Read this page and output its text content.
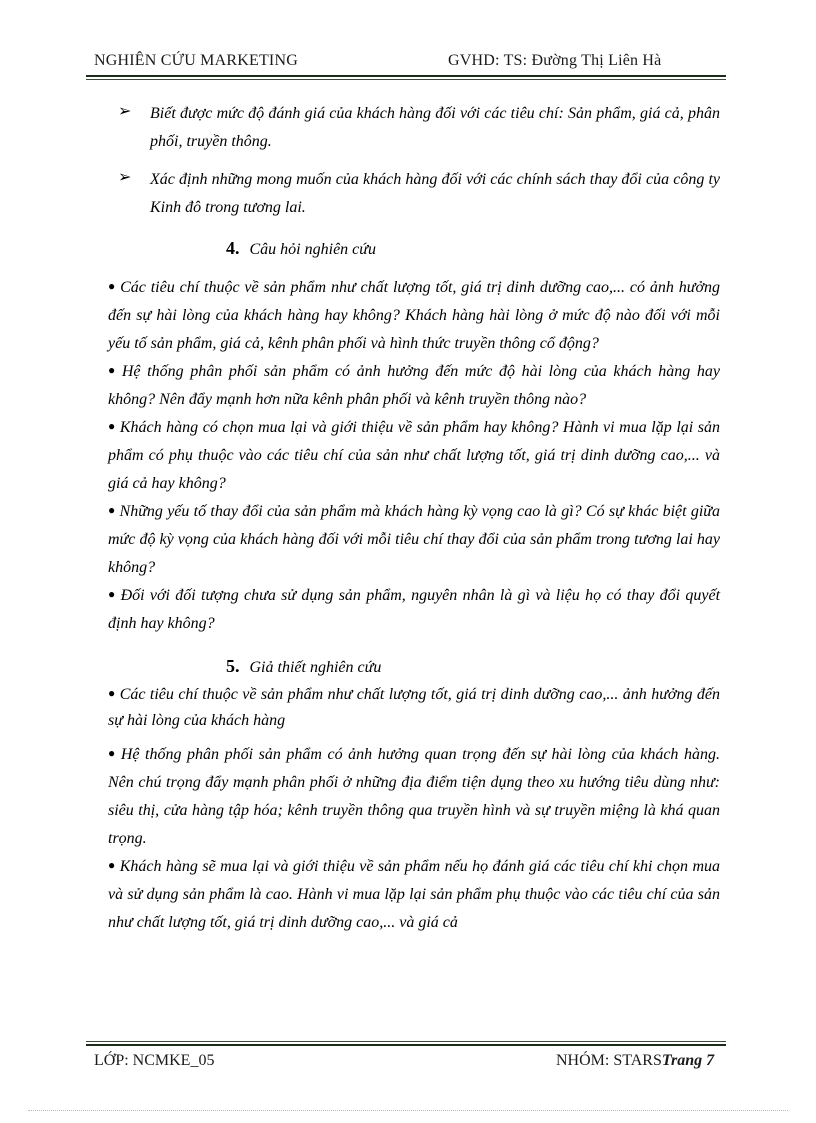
NGHIÊN CỨU MARKETING	GVHD: TS: Đường Thị Liên Hà
➢ Biết được mức độ đánh giá của khách hàng đối với các tiêu chí: Sản phẩm, giá cả, phân phối, truyền thông.

➢ Xác định những mong muốn của khách hàng đối với các chính sách thay đổi của công ty Kinh đô trong tương lai.

4. Câu hỏi nghiên cứu

● Các tiêu chí thuộc về sản phẩm như chất lượng tốt, giá trị dinh dưỡng cao,... có ảnh hưởng đến sự hài lòng của khách hàng hay không? Khách hàng hài lòng ở mức độ nào đối với mỗi yếu tố sản phẩm, giá cả, kênh phân phối và hình thức truyền thông cổ động?

● Hệ thống phân phối sản phẩm có ảnh hưởng đến mức độ hài lòng của khách hàng hay không? Nên đẩy mạnh hơn nữa kênh phân phối và kênh truyền thông nào?

● Khách hàng có chọn mua lại và giới thiệu về sản phẩm hay không? Hành vi mua lặp lại sản phẩm có phụ thuộc vào các tiêu chí của sản như chất lượng tốt, giá trị dinh dưỡng cao,... và giá cả hay không?

● Những yếu tố thay đổi của sản phẩm mà khách hàng kỳ vọng cao là gì? Có sự khác biệt giữa mức độ kỳ vọng của khách hàng đối với mỗi tiêu chí thay đổi của sản phẩm trong tương lai hay không?

● Đối với đối tượng chưa sử dụng sản phẩm, nguyên nhân là gì và liệu họ có thay đổi quyết định hay không?

5. Giả thiết nghiên cứu

● Các tiêu chí thuộc về sản phẩm như chất lượng tốt, giá trị dinh dưỡng cao,... ảnh hưởng đến sự hài lòng của khách hàng

● Hệ thống phân phối sản phẩm có ảnh hưởng quan trọng đến sự hài lòng của khách hàng. Nên chú trọng đẩy mạnh phân phối ở những địa điểm tiện dụng theo xu hướng tiêu dùng như: siêu thị, cửa hàng tập hóa; kênh truyền thông qua truyền hình và sự truyền miệng là khá quan trọng.

● Khách hàng sẽ mua lại và giới thiệu về sản phẩm nếu họ đánh giá các tiêu chí khi chọn mua và sử dụng sản phẩm là cao. Hành vi mua lặp lại sản phẩm phụ thuộc vào các tiêu chí của sản như chất lượng tốt, giá trị dinh dưỡng cao,... và giá cả

LỚP: NCMKE_05	NHÓM: STARSTrang 7
